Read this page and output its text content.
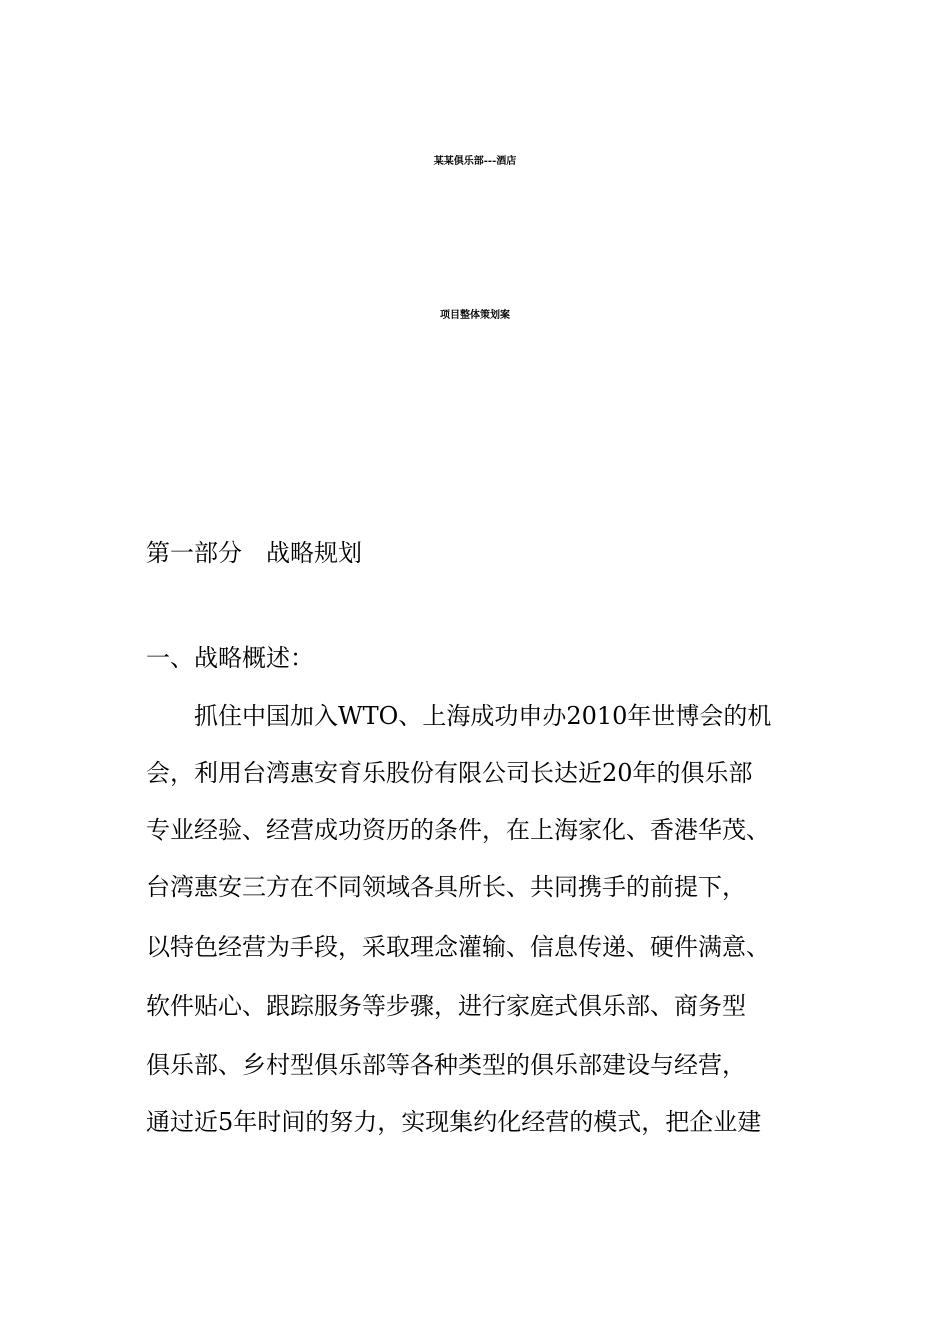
某某俱乐部---酒店
项目整体策划案
第一部分　战略规划
一、战略概述：
　　抓住中国加入WTO、上海成功申办2010年世博会的机
会，利用台湾惠安育乐股份有限公司长达近20年的俱乐部
专业经验、经营成功资历的条件，在上海家化、香港华茂、
台湾惠安三方在不同领域各具所长、共同携手的前提下，
以特色经营为手段，采取理念灌输、信息传递、硬件满意、
软件贴心、跟踪服务等步骤，进行家庭式俱乐部、商务型
俱乐部、乡村型俱乐部等各种类型的俱乐部建设与经营，
通过近5年时间的努力，实现集约化经营的模式，把企业建
